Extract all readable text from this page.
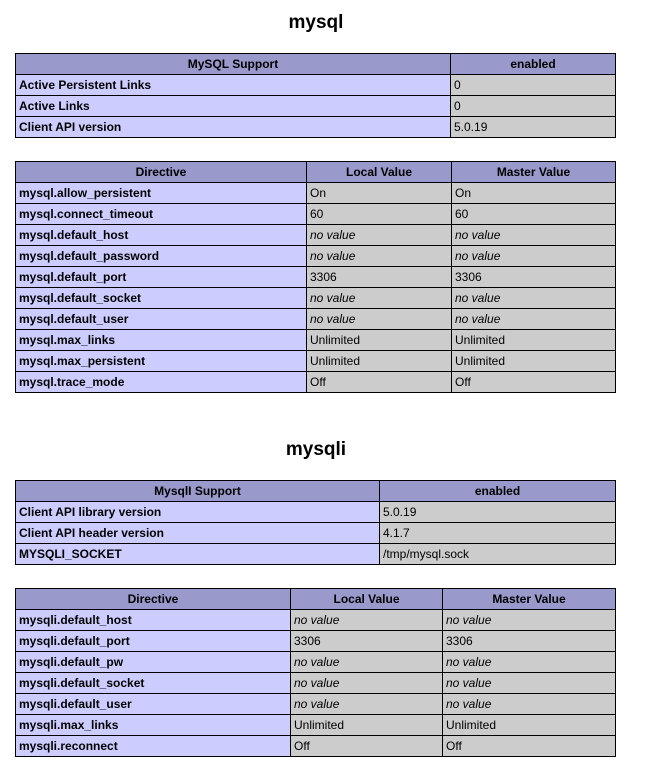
mysql
MySQL Support	enabled
Active Persistent Links	0
Active Links	0
Client API version	5.0.19
Directive	Local Value	Master Value
mysql.allow_persistent	On	On
mysql.connect_timeout	60	60
mysql.default_host	no value	no value
mysql.default_password	no value	no value
mysql.default_port	3306	3306
mysql.default_socket	no value	no value
mysql.default_user	no value	no value
mysql.max_links	Unlimited	Unlimited
mysql.max_persistent	Unlimited	Unlimited
mysql.trace_mode	Off	Off
mysqli
MysqlI Support	enabled
Client API library version	5.0.19
Client API header version	4.1.7
MYSQLI_SOCKET	/tmp/mysql.sock
Directive	Local Value	Master Value
mysqli.default_host	no value	no value
mysqli.default_port	3306	3306
mysqli.default_pw	no value	no value
mysqli.default_socket	no value	no value
mysqli.default_user	no value	no value
mysqli.max_links	Unlimited	Unlimited
mysqli.reconnect	Off	Off
